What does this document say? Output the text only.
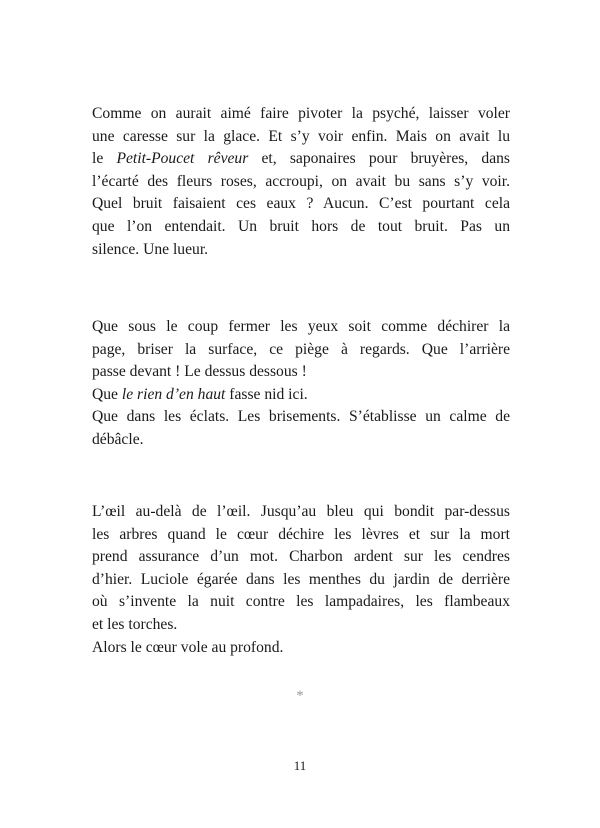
Comme on aurait aimé faire pivoter la psyché, laisser voler
une caresse sur la glace. Et s’y voir enfin. Mais on avait lu
le Petit-Poucet rêveur et, saponaires pour bruyères, dans
l’écarté des fleurs roses, accroupi, on avait bu sans s’y voir.
Quel bruit faisaient ces eaux ? Aucun. C’est pourtant cela
que l’on entendait. Un bruit hors de tout bruit. Pas un
silence. Une lueur.
Que sous le coup fermer les yeux soit comme déchirer la
page, briser la surface, ce piège à regards. Que l’arrière
passe devant ! Le dessus dessous !
Que le rien d’en haut fasse nid ici.
Que dans les éclats. Les brisements. S’établisse un calme de
débâcle.
L’œil au-delà de l’œil. Jusqu’au bleu qui bondit par-dessus
les arbres quand le cœur déchire les lèvres et sur la mort
prend assurance d’un mot. Charbon ardent sur les cendres
d’hier. Luciole égarée dans les menthes du jardin de derrière
où s’invente la nuit contre les lampadaires, les flambeaux
et les torches.
Alors le cœur vole au profond.
*
11
